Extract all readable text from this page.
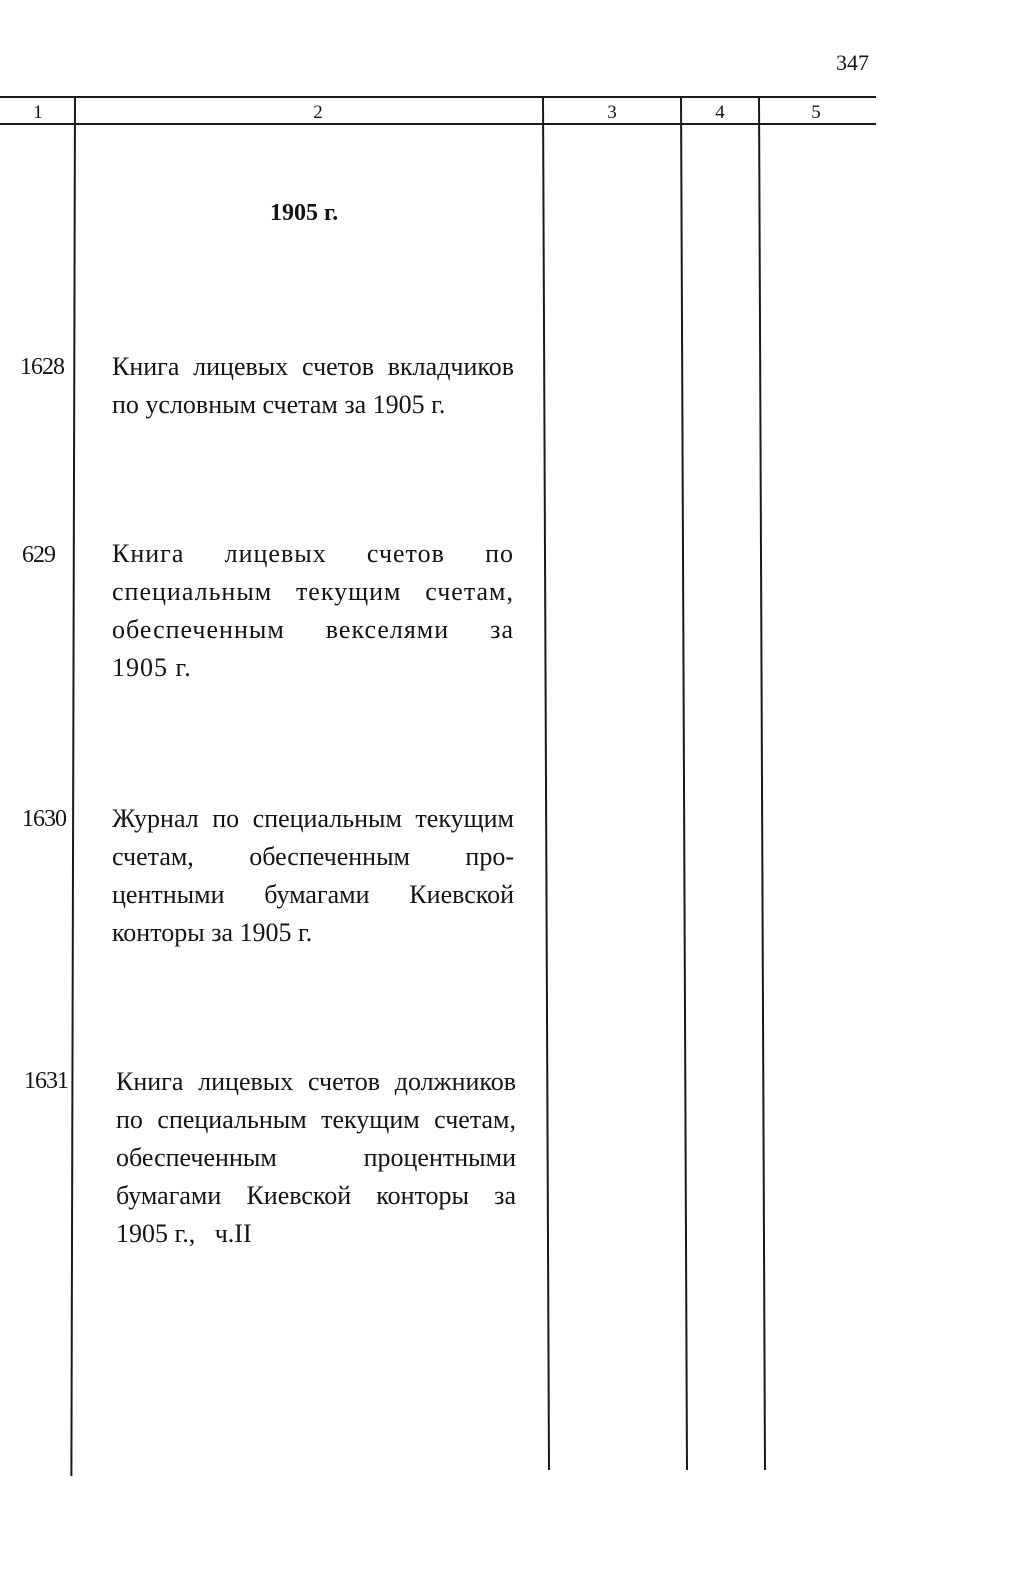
347
1	2	3	4	5
1905 г.
1628 Книга лицевых счетов вкладчиков
по условным счетам за 1905 г.
629 Книга лицевых счетов по
специальным текущим счетам,
обеспеченным векселями за
1905 г.
1630 Журнал по специальным текущим
счетам, обеспеченным про-
центными бумагами Киевской
конторы за 1905 г.
1631 Книга лицевых счетов должников
по специальным текущим счетам,
обеспеченным процентными
бумагами Киевской конторы за
1905 г.,   ч.II
